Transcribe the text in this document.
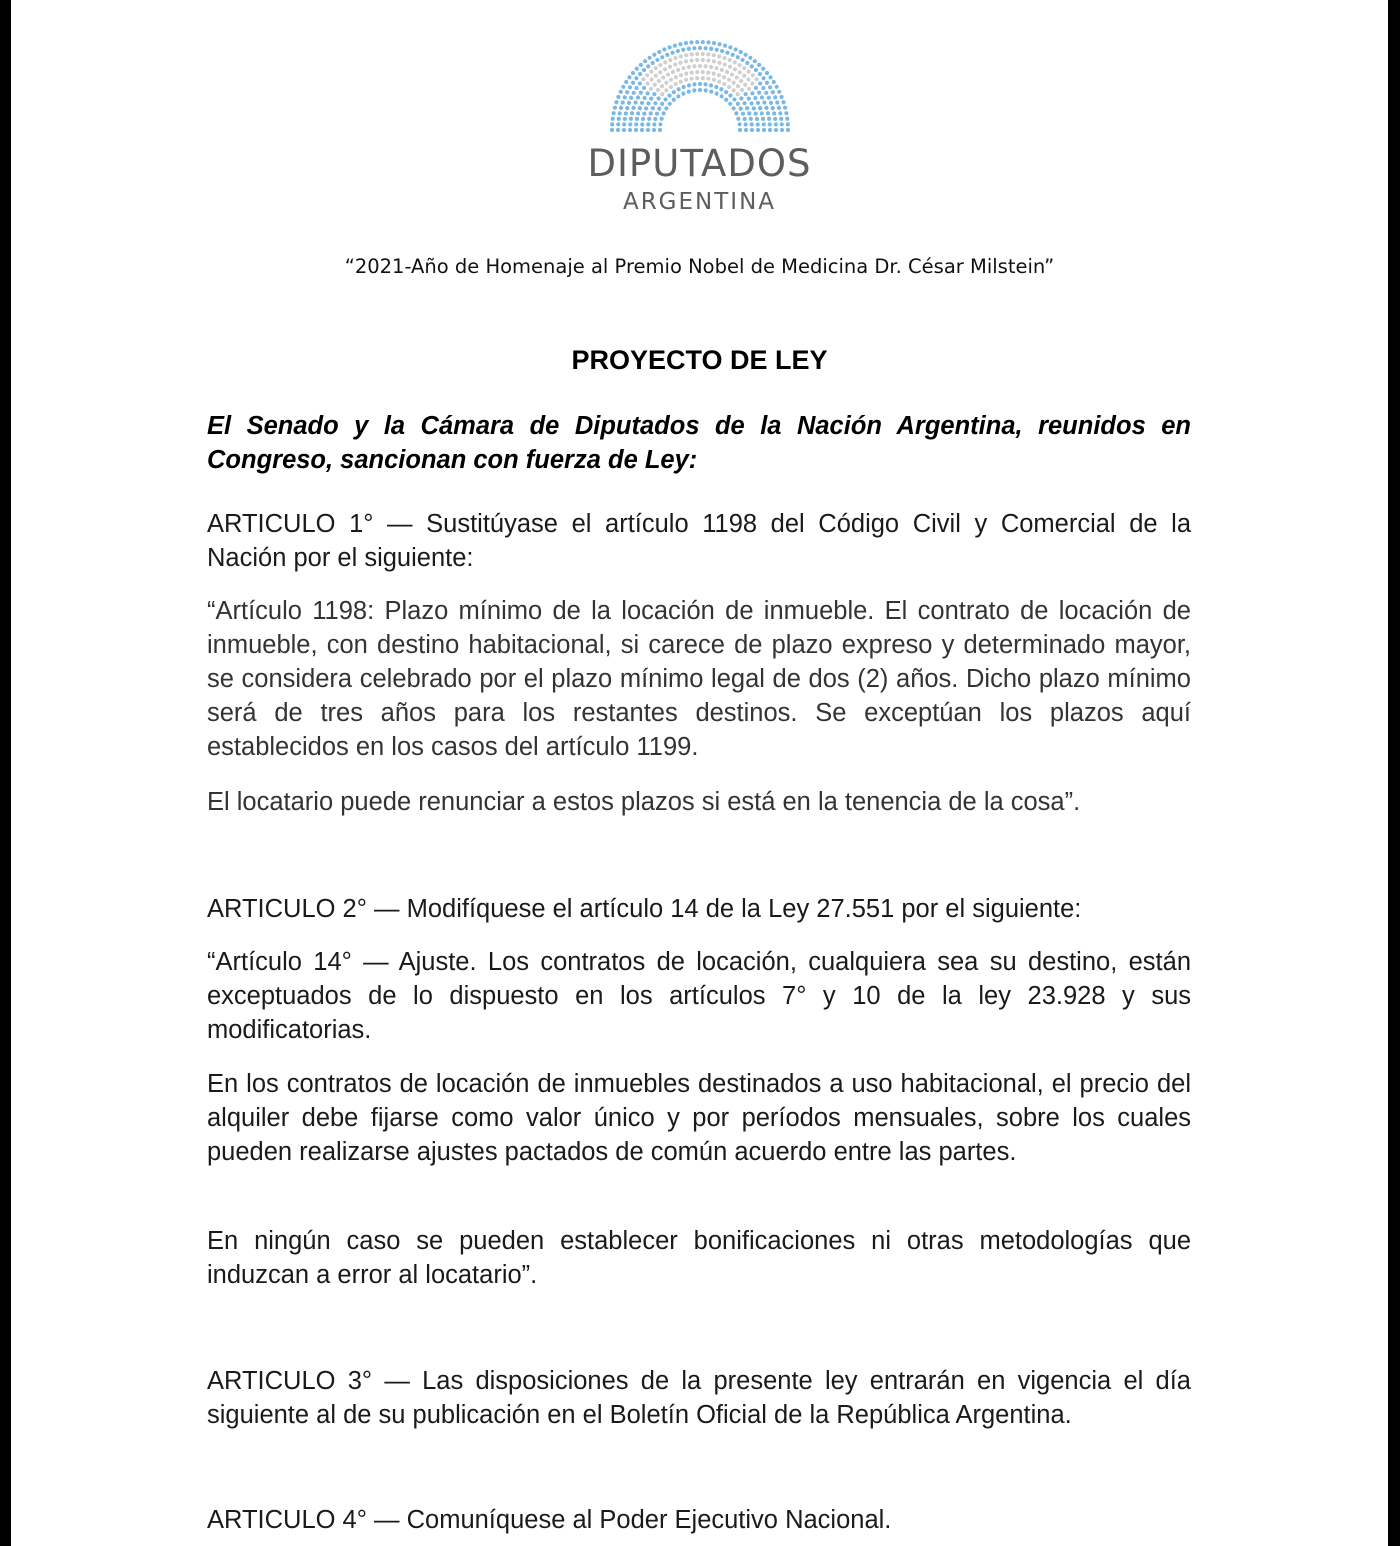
DIPUTADOS
ARGENTINA
“2021-Año de Homenaje al Premio Nobel de Medicina Dr. César Milstein”
PROYECTO DE LEY
El Senado y la Cámara de Diputados de la Nación Argentina, reunidos en Congreso, sancionan con fuerza de Ley:
ARTICULO 1° — Sustitúyase el artículo 1198 del Código Civil y Comercial de la Nación por el siguiente:
“Artículo 1198: Plazo mínimo de la locación de inmueble. El contrato de locación de inmueble, con destino habitacional, si carece de plazo expreso y determinado mayor, se considera celebrado por el plazo mínimo legal de dos (2) años. Dicho plazo mínimo será de tres años para los restantes destinos. Se exceptúan los plazos aquí establecidos en los casos del artículo 1199.
El locatario puede renunciar a estos plazos si está en la tenencia de la cosa”.
ARTICULO 2° — Modifíquese el artículo 14 de la Ley 27.551 por el siguiente:
“Artículo 14° — Ajuste. Los contratos de locación, cualquiera sea su destino, están exceptuados de lo dispuesto en los artículos 7° y 10 de la ley 23.928 y sus modificatorias.
En los contratos de locación de inmuebles destinados a uso habitacional, el precio del alquiler debe fijarse como valor único y por períodos mensuales, sobre los cuales pueden realizarse ajustes pactados de común acuerdo entre las partes.
En ningún caso se pueden establecer bonificaciones ni otras metodologías que induzcan a error al locatario”.
ARTICULO 3° — Las disposiciones de la presente ley entrarán en vigencia el día siguiente al de su publicación en el Boletín Oficial de la República Argentina.
ARTICULO 4° — Comuníquese al Poder Ejecutivo Nacional.
